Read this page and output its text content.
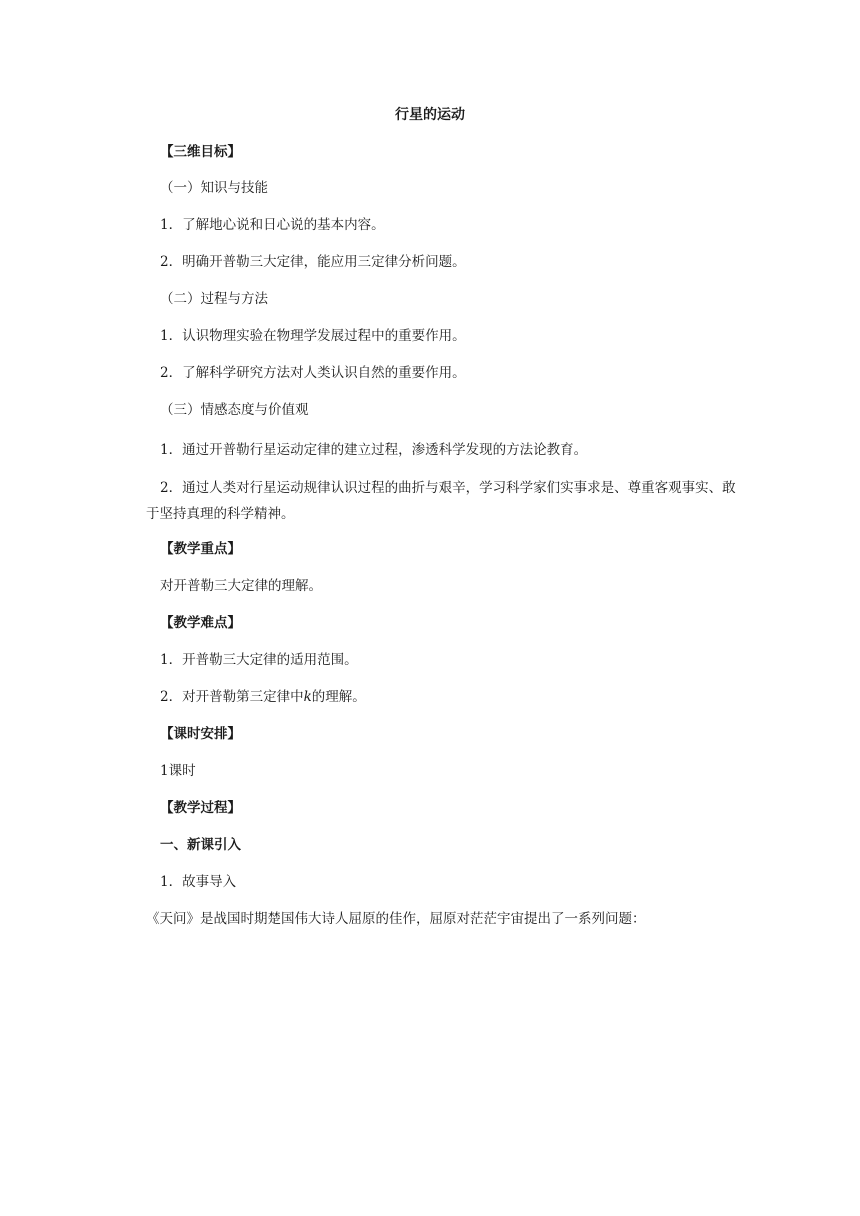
行星的运动
【三维目标】
（一）知识与技能
1．了解地心说和日心说的基本内容。
2．明确开普勒三大定律，能应用三定律分析问题。
（二）过程与方法
1．认识物理实验在物理学发展过程中的重要作用。
2．了解科学研究方法对人类认识自然的重要作用。
（三）情感态度与价值观
1．通过开普勒行星运动定律的建立过程，渗透科学发现的方法论教育。
2．通过人类对行星运动规律认识过程的曲折与艰辛，学习科学家们实事求是、尊重客观事实、敢于坚持真理的科学精神。
【教学重点】
对开普勒三大定律的理解。
【教学难点】
1．开普勒三大定律的适用范围。
2．对开普勒第三定律中k的理解。
【课时安排】
1课时
【教学过程】
一、新课引入
1．故事导入
《天问》是战国时期楚国伟大诗人屈原的佳作，屈原对茫茫宇宙提出了一系列问题：
